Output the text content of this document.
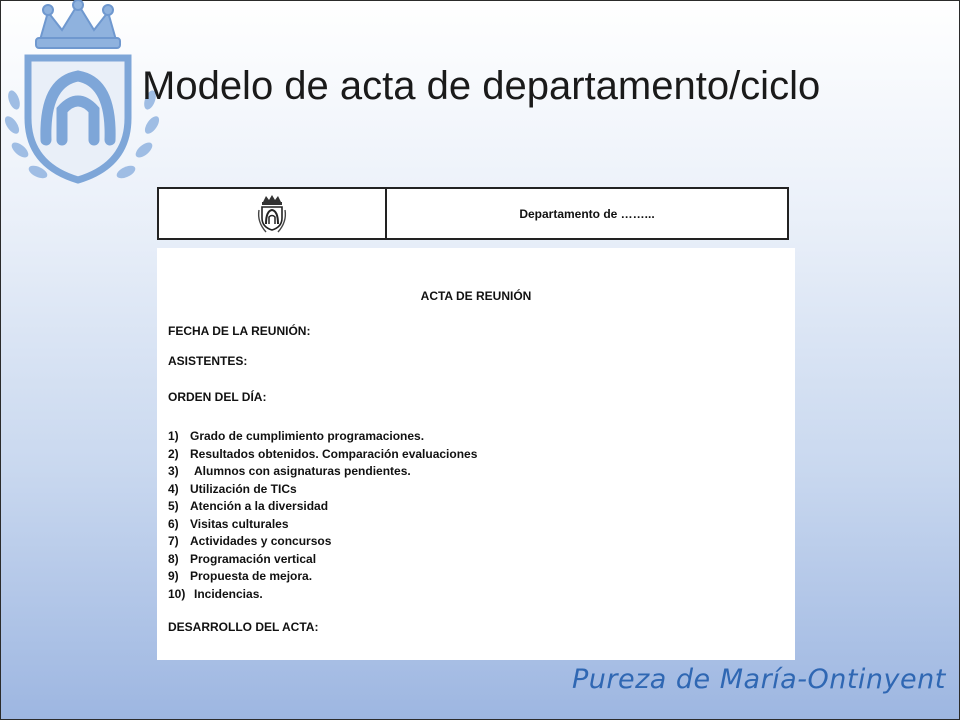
Modelo de acta de departamento/ciclo
Departamento de ……...
ACTA DE REUNIÓN
FECHA DE LA REUNIÓN:
ASISTENTES:
ORDEN DEL DÍA:
1) Grado de cumplimiento programaciones.
2) Resultados obtenidos. Comparación evaluaciones
3) Alumnos con asignaturas pendientes.
4) Utilización de TICs
5) Atención a la diversidad
6) Visitas culturales
7) Actividades y concursos
8) Programación vertical
9) Propuesta de mejora.
10) Incidencias.
DESARROLLO DEL ACTA:
Pureza de María-Ontinyent
